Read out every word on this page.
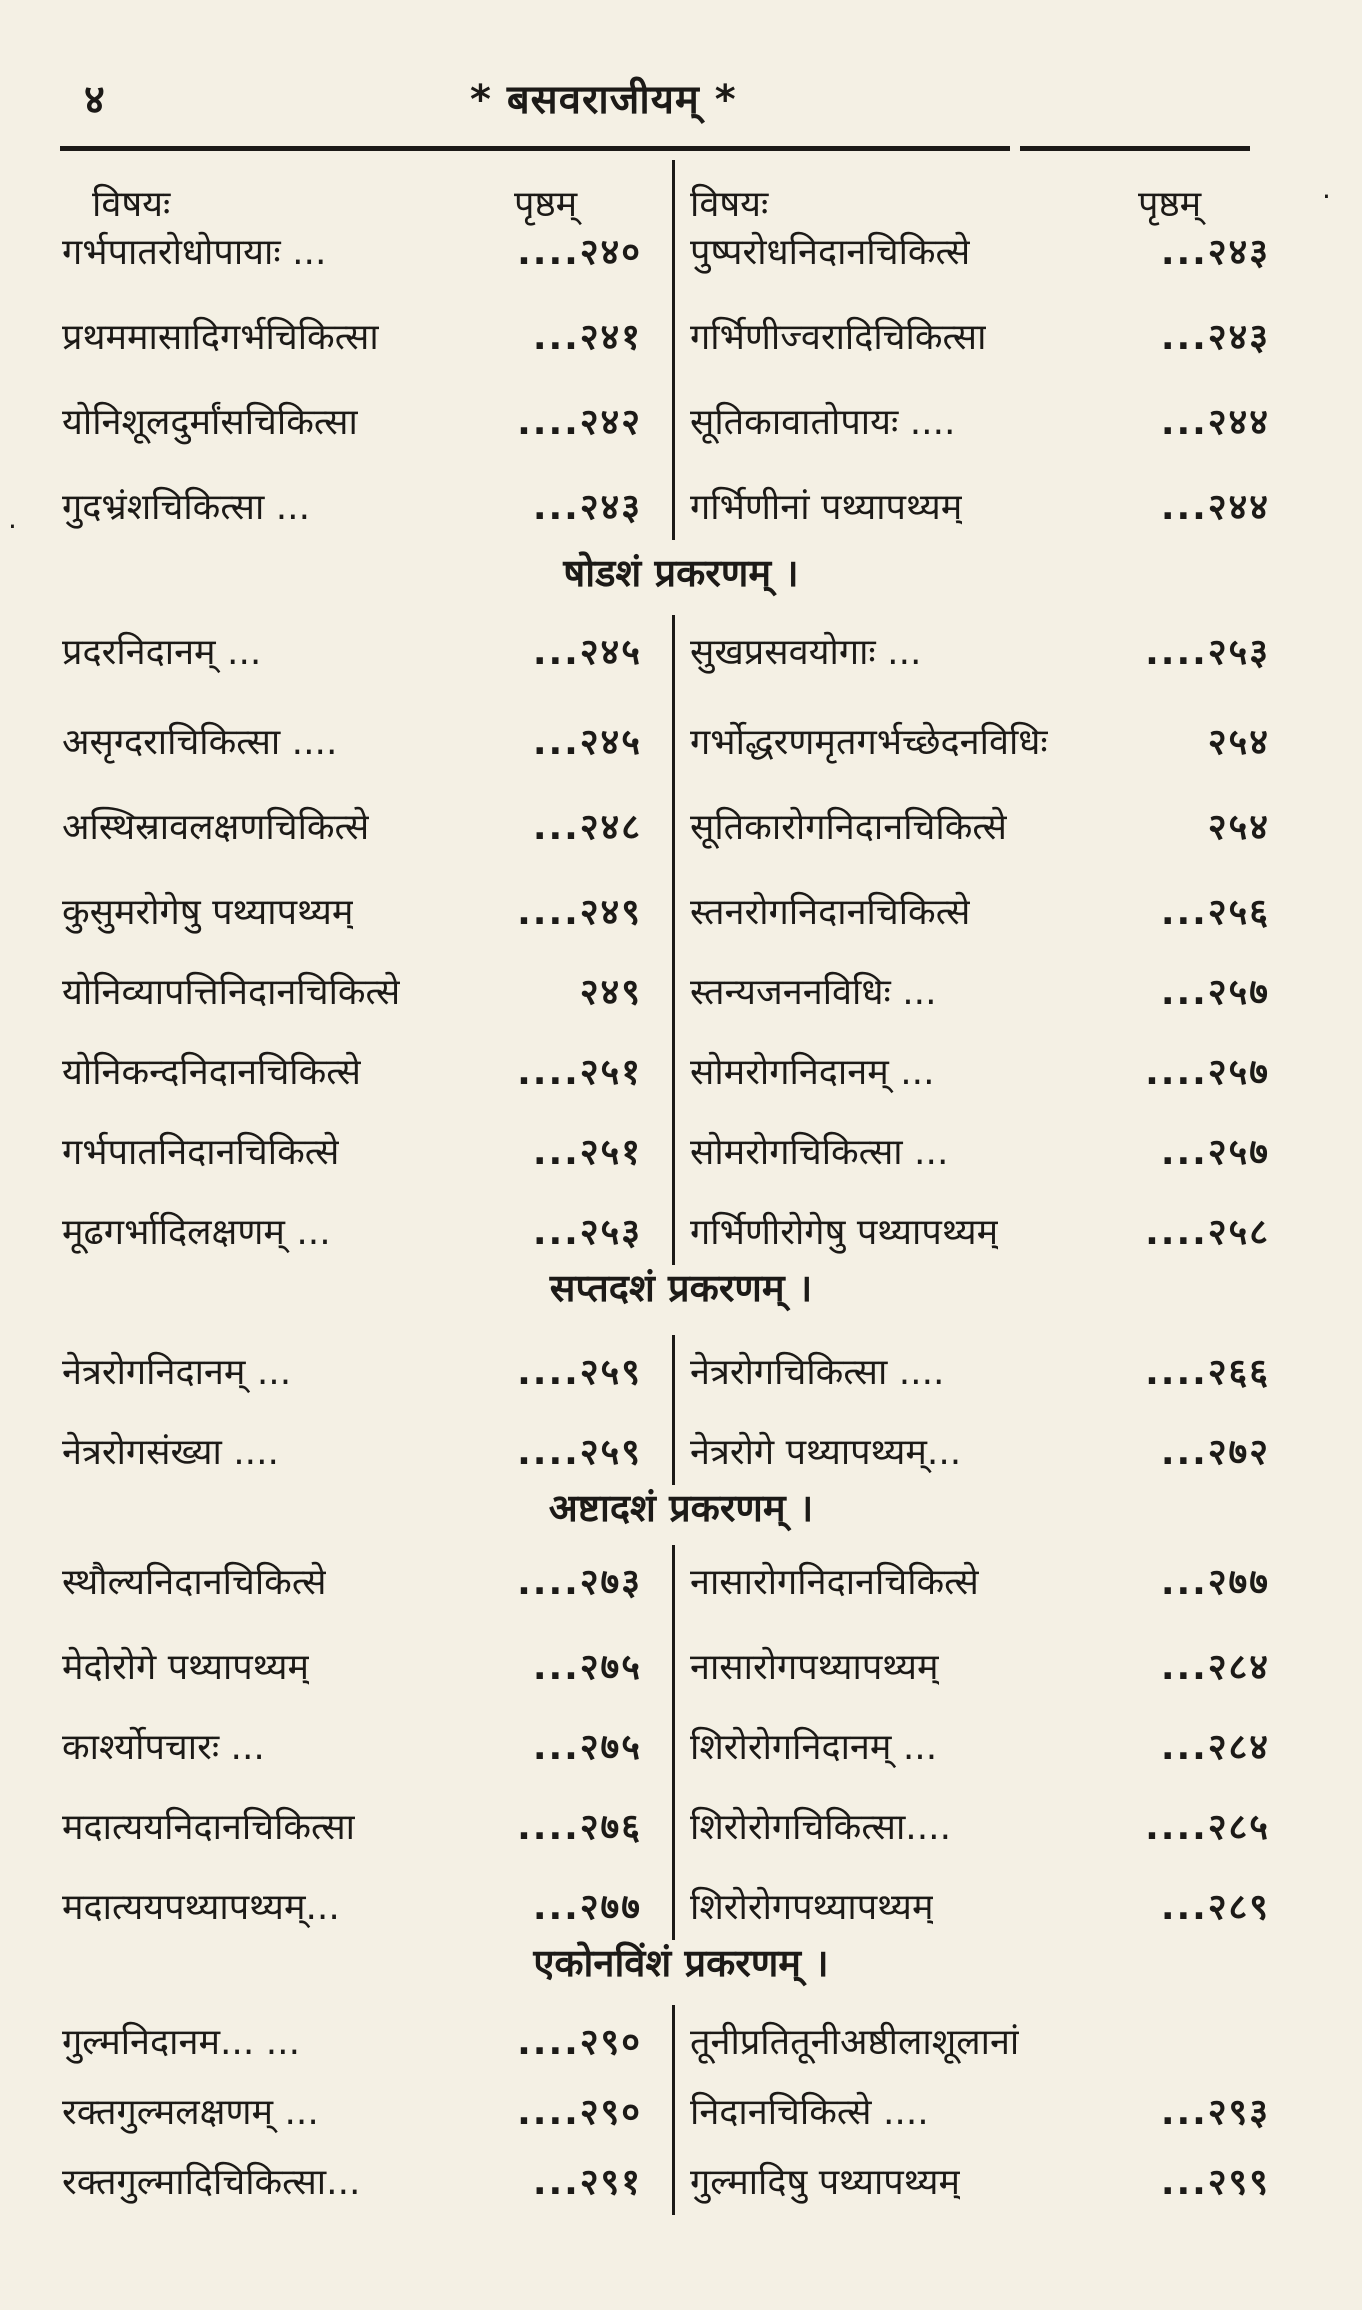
४	* बसवराजीयम् *
विषयः	पृष्ठम्	विषयः	पृष्ठम्
·
·
गर्भपातरोधोपायाः ...	....२४० पुष्परोधनिदानचिकित्से	...२४३
प्रथममासादिगर्भचिकित्सा	...२४१ गर्भिणीज्वरादिचिकित्सा	...२४३
योनिशूलदुर्मांसचिकित्सा	....२४२ सूतिकावातोपायः ....	...२४४
गुदभ्रंशचिकित्सा ...	...२४३ गर्भिणीनां पथ्यापथ्यम्	...२४४
षोडशं प्रकरणम् ।
प्रदरनिदानम् ...	...२४५ सुखप्रसवयोगाः ...	....२५३
असृग्दराचिकित्सा ....	...२४५ गर्भोद्धरणमृतगर्भच्छेदनविधिः	२५४
अस्थिस्रावलक्षणचिकित्से	...२४८ सूतिकारोगनिदानचिकित्से	२५४
कुसुमरोगेषु पथ्यापथ्यम्	....२४९ स्तनरोगनिदानचिकित्से	...२५६
योनिव्यापत्तिनिदानचिकित्से	२४९ स्तन्यजननविधिः ...	...२५७
योनिकन्दनिदानचिकित्से	....२५१ सोमरोगनिदानम् ...	....२५७
गर्भपातनिदानचिकित्से	...२५१ सोमरोगचिकित्सा ...	...२५७
मूढगर्भादिलक्षणम् ...	...२५३ गर्भिणीरोगेषु पथ्यापथ्यम्	....२५८
सप्तदशं प्रकरणम् ।
नेत्ररोगनिदानम् ...	....२५९ नेत्ररोगचिकित्सा ....	....२६६
नेत्ररोगसंख्या ....	....२५९ नेत्ररोगे पथ्यापथ्यम्...	...२७२
अष्टादशं प्रकरणम् ।
स्थौल्यनिदानचिकित्से	....२७३ नासारोगनिदानचिकित्से	...२७७
मेदोरोगे पथ्यापथ्यम्	...२७५ नासारोगपथ्यापथ्यम्	...२८४
कार्श्योपचारः ...	...२७५ शिरोरोगनिदानम् ...	...२८४
मदात्ययनिदानचिकित्सा	....२७६ शिरोरोगचिकित्सा....	....२८५
मदात्ययपथ्यापथ्यम्...	...२७७ शिरोरोगपथ्यापथ्यम्	...२८९
एकोनविंशं प्रकरणम् ।
गुल्मनिदानम... ...	....२९० तूनीप्रतितूनीअष्ठीलाशूलानां
रक्तगुल्मलक्षणम् ...	....२९० निदानचिकित्से ....	...२९३
रक्तगुल्मादिचिकित्सा...	...२९१ गुल्मादिषु पथ्यापथ्यम्	...२९९
